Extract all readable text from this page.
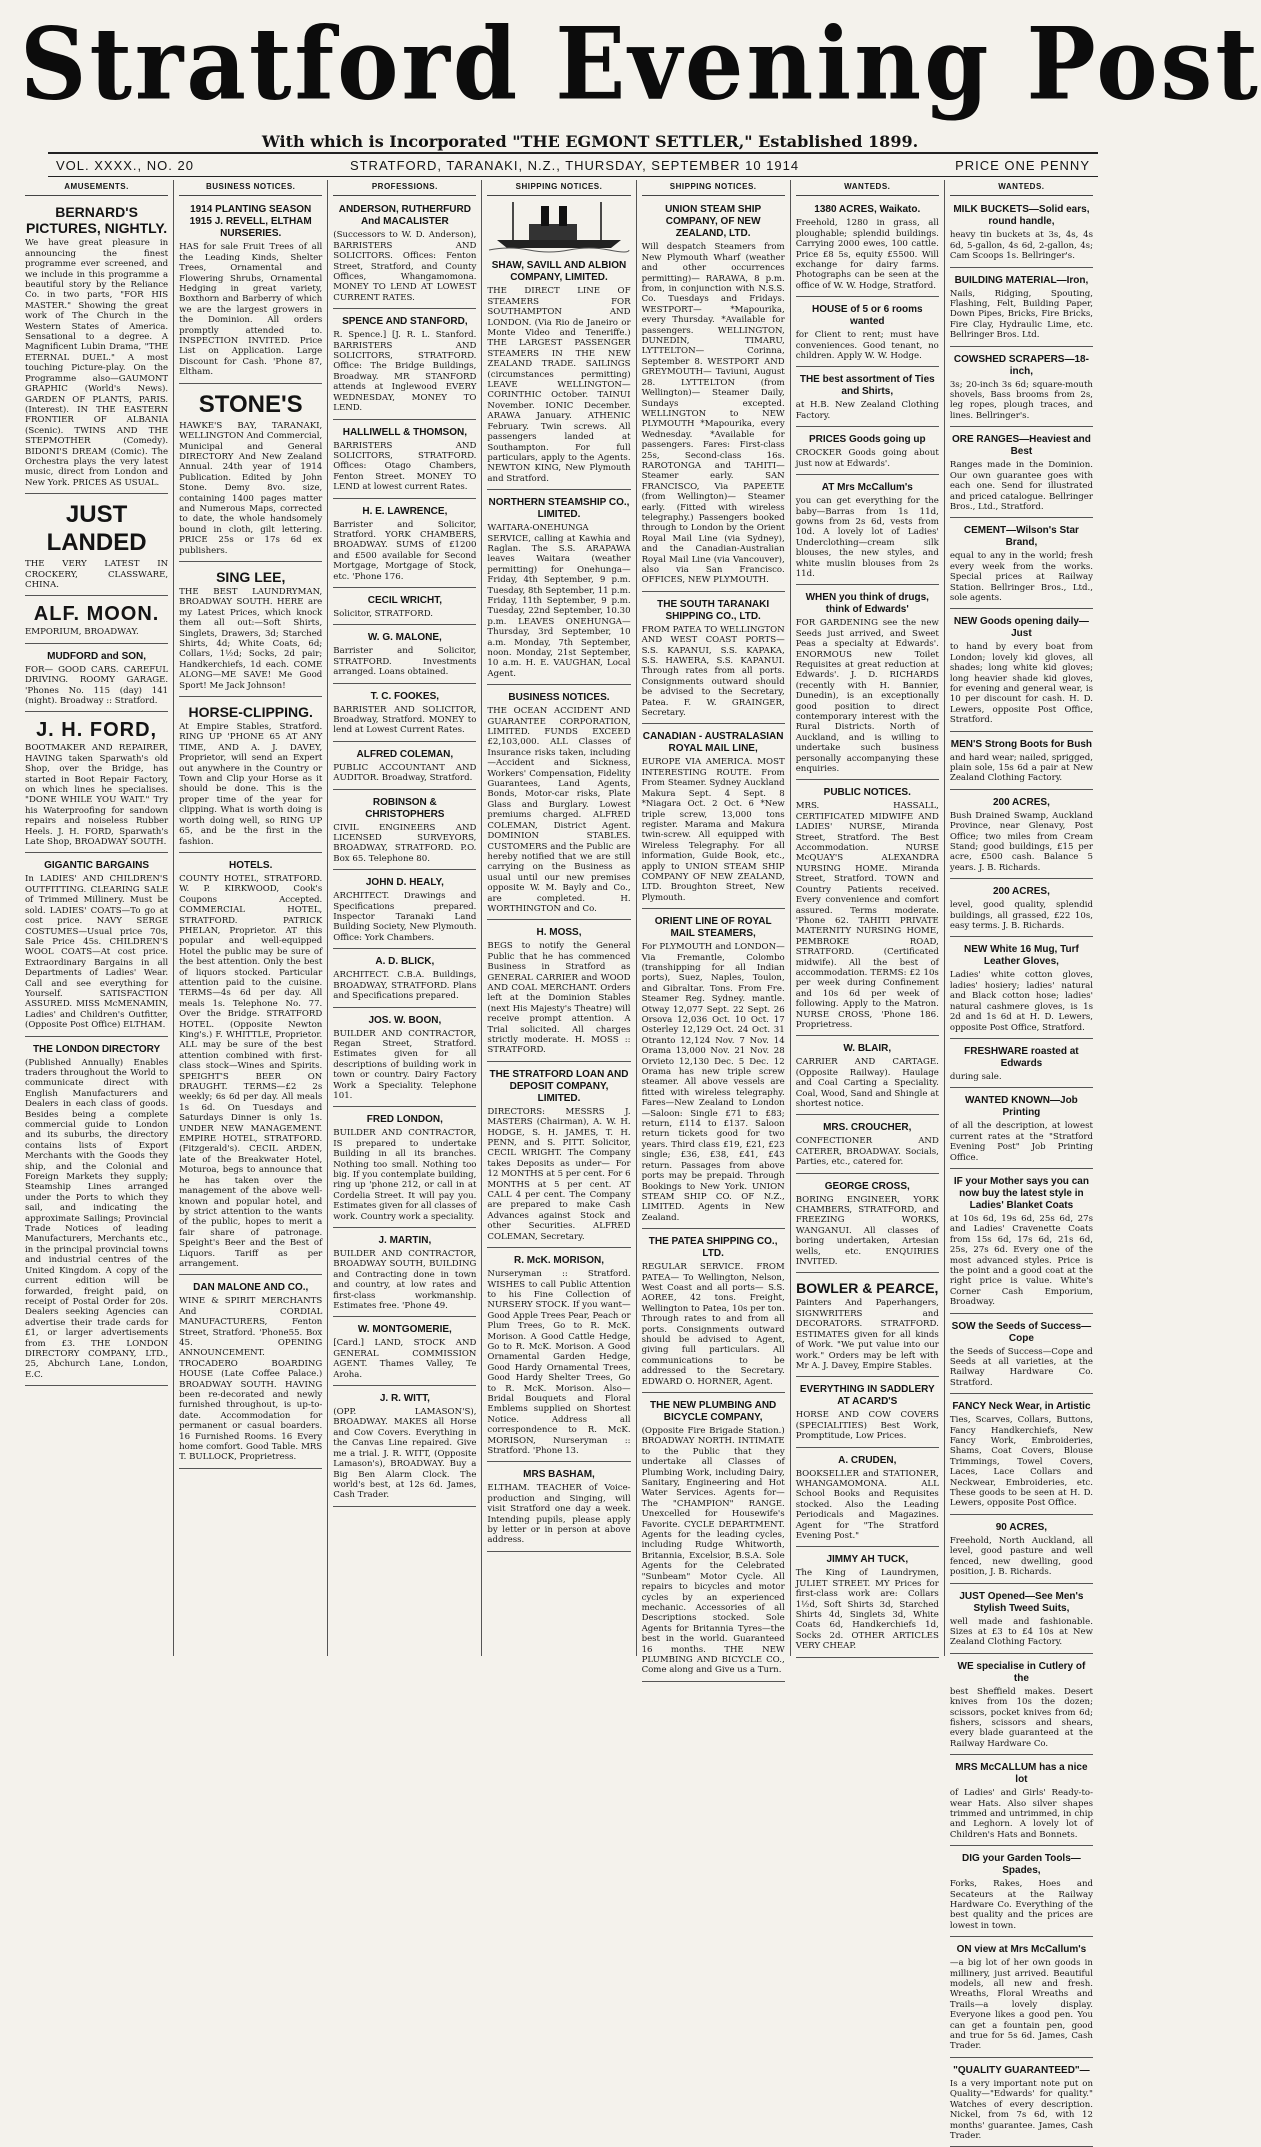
Stratford Evening Post
With which is Incorporated "THE EGMONT SETTLER," Established 1899.
VOL. XXXX., NO. 20	STRATFORD, TARANAKI, N.Z., THURSDAY, SEPTEMBER 10 1914	PRICE ONE PENNY
AMUSEMENTS.
BERNARD'S PICTURES, NIGHTLY.
We have great pleasure in announcing the finest programme ever screened, and we include in this programme a beautiful story by the Reliance Co. in two parts, "FOR HIS MASTER." Showing the great work of The Church in the Western States of America. Sensational to a degree. A Magnificent Lubin Drama, "THE ETERNAL DUEL." A most touching Picture-play. On the Programme also—GAUMONT GRAPHIC (World's News). GARDEN OF PLANTS, PARIS. (Interest). IN THE EASTERN FRONTIER OF ALBANIA (Scenic). TWINS AND THE STEPMOTHER (Comedy). BIDONI'S DREAM (Comic). The Orchestra plays the very latest music, direct from London and New York. PRICES AS USUAL.
JUST LANDED
THE VERY LATEST IN CROCKERY, CLASSWARE, CHINA.
ALF. MOON.
EMPORIUM, BROADWAY.
MUDFORD and SON,
FOR— GOOD CARS. CAREFUL DRIVING. ROOMY GARAGE. 'Phones No. 115 (day) 141 (night). Broadway :: Stratford.
J. H. FORD,
BOOTMAKER AND REPAIRER, HAVING taken Sparwath's old Shop, over the Bridge, has started in Boot Repair Factory, on which lines he specialises. "DONE WHILE YOU WAIT." Try his Waterproofing for sandown repairs and noiseless Rubber Heels. J. H. FORD, Sparwath's Late Shop, BROADWAY SOUTH.
GIGANTIC BARGAINS
In LADIES' AND CHILDREN'S OUTFITTING. CLEARING SALE of Trimmed Millinery. Must be sold. LADIES' COATS—To go at cost price. NAVY SERGE COSTUMES—Usual price 70s, Sale Price 45s. CHILDREN'S WOOL COATS—At cost price. Extraordinary Bargains in all Departments of Ladies' Wear. Call and see everything for Yourself. SATISFACTION ASSURED. MISS McMENAMIN, Ladies' and Children's Outfitter, (Opposite Post Office) ELTHAM.
THE LONDON DIRECTORY
(Published Annually) Enables traders throughout the World to communicate direct with English Manufacturers and Dealers in each class of goods. Besides being a complete commercial guide to London and its suburbs, the directory contains lists of Export Merchants with the Goods they ship, and the Colonial and Foreign Markets they supply; Steamship Lines arranged under the Ports to which they sail, and indicating the approximate Sailings; Provincial Trade Notices of leading Manufacturers, Merchants etc., in the principal provincial towns and industrial centres of the United Kingdom. A copy of the current edition will be forwarded, freight paid, on receipt of Postal Order for 20s. Dealers seeking Agencies can advertise their trade cards for £1, or larger advertisements from £3. THE LONDON DIRECTORY COMPANY, LTD., 25, Abchurch Lane, London, E.C.
BUSINESS NOTICES.
1914 PLANTING SEASON 1915 J. REVELL, ELTHAM NURSERIES.
HAS for sale Fruit Trees of all the Leading Kinds, Shelter Trees, Ornamental and Flowering Shrubs, Ornamental Hedging in great variety, Boxthorn and Barberry of which we are the largest growers in the Dominion. All orders promptly attended to. INSPECTION INVITED. Price List on Application. Large Discount for Cash. 'Phone 87, Eltham.
STONE'S
HAWKE'S BAY, TARANAKI, WELLINGTON And Commercial, Municipal and General DIRECTORY And New Zealand Annual. 24th year of 1914 Publication. Edited by John Stone. Demy 8vo. size, containing 1400 pages matter and Numerous Maps, corrected to date, the whole handsomely bound in cloth, gilt lettering. PRICE 25s or 17s 6d ex publishers.
SING LEE,
THE BEST LAUNDRYMAN, BROADWAY SOUTH. HERE are my Latest Prices, which knock them all out:—Soft Shirts, Singlets, Drawers, 3d; Starched Shirts, 4d; White Coats, 6d; Collars, 1½d; Socks, 2d pair; Handkerchiefs, 1d each. COME ALONG—ME SAVE! Me Good Sport! Me Jack Johnson!
HORSE-CLIPPING.
At Empire Stables, Stratford. RING UP 'PHONE 65 AT ANY TIME, AND A. J. DAVEY, Proprietor, will send an Expert out anywhere in the Country or Town and Clip your Horse as it should be done. This is the proper time of the year for clipping. What is worth doing is worth doing well, so RING UP 65, and be the first in the fashion.
HOTELS.
COUNTY HOTEL, STRATFORD. W. P. KIRKWOOD, Cook's Coupons Accepted. COMMERCIAL HOTEL, STRATFORD. PATRICK PHELAN, Proprietor. AT this popular and well-equipped Hotel the public may be sure of the best attention. Only the best of liquors stocked. Particular attention paid to the cuisine. TERMS—4s 6d per day. All meals 1s. Telephone No. 77. Over the Bridge. STRATFORD HOTEL. (Opposite Newton King's.) F. WHITTLE, Proprietor. ALL may be sure of the best attention combined with first-class stock—Wines and Spirits. SPEIGHT'S BEER ON DRAUGHT. TERMS—£2 2s weekly; 6s 6d per day. All meals 1s 6d. On Tuesdays and Saturdays Dinner is only 1s. UNDER NEW MANAGEMENT. EMPIRE HOTEL, STRATFORD. (Fitzgerald's). CECIL ARDEN, late of the Breakwater Hotel, Moturoa, begs to announce that he has taken over the management of the above well-known and popular hotel, and by strict attention to the wants of the public, hopes to merit a fair share of patronage. Speight's Beer and the Best of Liquors. Tariff as per arrangement.
DAN MALONE AND CO.,
WINE & SPIRIT MERCHANTS And CORDIAL MANUFACTURERS, Fenton Street, Stratford. 'Phone55. Box 45. OPENING ANNOUNCEMENT. TROCADERO BOARDING HOUSE (Late Coffee Palace.) BROADWAY SOUTH. HAVING been re-decorated and newly furnished throughout, is up-to-date. Accommodation for permanent or casual boarders. 16 Furnished Rooms. 16 Every home comfort. Good Table. MRS T. BULLOCK, Proprietress.
PROFESSIONS.
ANDERSON, RUTHERFURD And MACALISTER
(Successors to W. D. Anderson), BARRISTERS AND SOLICITORS. Offices: Fenton Street, Stratford, and County Offices, Whangamomona. MONEY TO LEND AT LOWEST CURRENT RATES.
SPENCE AND STANFORD,
R. Spence.] [J. R. L. Stanford. BARRISTERS AND SOLICITORS, STRATFORD. Office: The Bridge Buildings, Broadway. MR STANFORD attends at Inglewood EVERY WEDNESDAY, MONEY TO LEND.
HALLIWELL & THOMSON,
BARRISTERS AND SOLICITORS, STRATFORD. Offices: Otago Chambers, Fenton Street. MONEY TO LEND at lowest current Rates.
H. E. LAWRENCE,
Barrister and Solicitor, Stratford. YORK CHAMBERS, BROADWAY. SUMS of £1200 and £500 available for Second Mortgage, Mortgage of Stock, etc. 'Phone 176.
CECIL WRICHT,
Solicitor, STRATFORD.
W. G. MALONE,
Barrister and Solicitor, STRATFORD. Investments arranged. Loans obtained.
T. C. FOOKES,
BARRISTER AND SOLICITOR, Broadway, Stratford. MONEY to lend at Lowest Current Rates.
ALFRED COLEMAN,
PUBLIC ACCOUNTANT AND AUDITOR. Broadway, Stratford.
ROBINSON & CHRISTOPHERS
CIVIL ENGINEERS AND LICENSED SURVEYORS, BROADWAY, STRATFORD. P.O. Box 65. Telephone 80.
JOHN D. HEALY,
ARCHITECT. Drawings and Specifications prepared. Inspector Taranaki Land Building Society, New Plymouth. Office: York Chambers.
A. D. BLICK,
ARCHITECT. C.B.A. Buildings, BROADWAY, STRATFORD. Plans and Specifications prepared.
JOS. W. BOON,
BUILDER AND CONTRACTOR, Regan Street, Stratford. Estimates given for all descriptions of building work in town or country. Dairy Factory Work a Speciality. Telephone 101.
FRED LONDON,
BUILDER AND CONTRACTOR, IS prepared to undertake Building in all its branches. Nothing too small. Nothing too big. If you contemplate building, ring up 'phone 212, or call in at Cordelia Street. It will pay you. Estimates given for all classes of work. Country work a speciality.
J. MARTIN,
BUILDER AND CONTRACTOR, BROADWAY SOUTH, BUILDING and Contracting done in town and country, at low rates and first-class workmanship. Estimates free. 'Phone 49.
W. MONTGOMERIE,
[Card.] LAND, STOCK AND GENERAL COMMISSION AGENT. Thames Valley, Te Aroha.
J. R. WITT,
(OPP. LAMASON'S), BROADWAY. MAKES all Horse and Cow Covers. Everything in the Canvas Line repaired. Give me a trial. J. R. WITT, (Opposite Lamason's), BROADWAY. Buy a Big Ben Alarm Clock. The world's best, at 12s 6d. James, Cash Trader.
SHIPPING NOTICES.
SHAW, SAVILL AND ALBION COMPANY, LIMITED.
THE DIRECT LINE OF STEAMERS FOR SOUTHAMPTON AND LONDON. (Via Rio de Janeiro or Monte Video and Teneriffe.) THE LARGEST PASSENGER STEAMERS IN THE NEW ZEALAND TRADE. SAILINGS (circumstances permitting) LEAVE WELLINGTON— CORINTHIC October. TAINUI November. IONIC December. ARAWA January. ATHENIC February. Twin screws. All passengers landed at Southampton. For full particulars, apply to the Agents. NEWTON KING, New Plymouth and Stratford.
NORTHERN STEAMSHIP CO., LIMITED.
WAITARA-ONEHUNGA SERVICE, calling at Kawhia and Raglan. The S.S. ARAPAWA leaves Waitara (weather permitting) for Onehunga— Friday, 4th September, 9 p.m. Tuesday, 8th September, 11 p.m. Friday, 11th September, 9 p.m. Tuesday, 22nd September, 10.30 p.m. LEAVES ONEHUNGA— Thursday, 3rd September, 10 a.m. Monday, 7th September, noon. Monday, 21st September, 10 a.m. H. E. VAUGHAN, Local Agent.
BUSINESS NOTICES.
THE OCEAN ACCIDENT AND GUARANTEE CORPORATION, LIMITED. FUNDS EXCEED £2,103,000. ALL Classes of Insurance risks taken, including—Accident and Sickness, Workers' Compensation, Fidelity Guarantees, Land Agents, Bonds, Motor-car risks, Plate Glass and Burglary. Lowest premiums charged. ALFRED COLEMAN, District Agent. DOMINION STABLES. CUSTOMERS and the Public are hereby notified that we are still carrying on the Business as usual until our new premises opposite W. M. Bayly and Co., are completed. H. WORTHINGTON and Co.
H. MOSS,
BEGS to notify the General Public that he has commenced Business in Stratford as GENERAL CARRIER and WOOD AND COAL MERCHANT. Orders left at the Dominion Stables (next His Majesty's Theatre) will receive prompt attention. A Trial solicited. All charges strictly moderate. H. MOSS :: STRATFORD.
THE STRATFORD LOAN AND DEPOSIT COMPANY, LIMITED.
DIRECTORS: MESSRS J. MASTERS (Chairman), A. W. H. HODGE, S. H. JAMES, T. H. PENN, and S. PITT. Solicitor, CECIL WRIGHT. The Company takes Deposits as under— For 12 MONTHS at 5 per cent. For 6 MONTHS at 5 per cent. AT CALL 4 per cent. The Company are prepared to make Cash Advances against Stock and other Securities. ALFRED COLEMAN, Secretary.
R. McK. MORISON,
Nurseryman :: Stratford. WISHES to call Public Attention to his Fine Collection of NURSERY STOCK. If you want— Good Apple Trees Pear, Peach or Plum Trees, Go to R. McK. Morison. A Good Cattle Hedge, Go to R. McK. Morison. A Good Ornamental Garden Hedge, Good Hardy Ornamental Trees, Good Hardy Shelter Trees, Go to R. McK. Morison. Also— Bridal Bouquets and Floral Emblems supplied on Shortest Notice. Address all correspondence to R. McK. MORISON, Nurseryman :: Stratford. 'Phone 13.
MRS BASHAM,
ELTHAM. TEACHER of Voice-production and Singing, will visit Stratford one day a week. Intending pupils, please apply by letter or in person at above address.
SHIPPING NOTICES.
UNION STEAM SHIP COMPANY, OF NEW ZEALAND, LTD.
Will despatch Steamers from New Plymouth Wharf (weather and other occurrences permitting)— RARAWA, 8 p.m. from, in conjunction with N.S.S. Co. Tuesdays and Fridays. WESTPORT— *Mapourika, every Thursday. *Available for passengers. WELLINGTON, DUNEDIN, TIMARU, LYTTELTON— Corinna, September 8. WESTPORT AND GREYMOUTH— Taviuni, August 28. LYTTELTON (from Wellington)— Steamer Daily, Sundays excepted. WELLINGTON to NEW PLYMOUTH *Mapourika, every Wednesday. *Available for passengers. Fares: First-class 25s, Second-class 16s. RAROTONGA and TAHITI— Steamer early. SAN FRANCISCO, Via PAPEETE (from Wellington)— Steamer early. (Fitted with wireless telegraphy.) Passengers booked through to London by the Orient Royal Mail Line (via Sydney), and the Canadian-Australian Royal Mail Line (via Vancouver), also via San Francisco. OFFICES, NEW PLYMOUTH.
THE SOUTH TARANAKI SHIPPING CO., LTD.
FROM PATEA TO WELLINGTON AND WEST COAST PORTS— S.S. KAPANUI, S.S. KAPAKA, S.S. HAWERA, S.S. KAPANUI. Through rates from all ports. Consignments outward should be advised to the Secretary, Patea. F. W. GRAINGER, Secretary.
CANADIAN - AUSTRALASIAN ROYAL MAIL LINE,
EUROPE VIA AMERICA. MOST INTERESTING ROUTE. From From Steamer. Sydney Auckland Makura Sept. 4 Sept. 8 *Niagara Oct. 2 Oct. 6 *New triple screw, 13,000 tons register. Marama and Makura twin-screw. All equipped with Wireless Telegraphy. For all information, Guide Book, etc., apply to UNION STEAM SHIP COMPANY OF NEW ZEALAND, LTD. Broughton Street, New Plymouth.
ORIENT LINE OF ROYAL MAIL STEAMERS,
For PLYMOUTH and LONDON—Via Fremantle, Colombo (transhipping for all Indian ports), Suez, Naples, Toulon, and Gibraltar. Tons. From Fre. Steamer Reg. Sydney. mantle. Otway 12,077 Sept. 22 Sept. 26 Orsova 12,036 Oct. 10 Oct. 17 Osterley 12,129 Oct. 24 Oct. 31 Otranto 12,124 Nov. 7 Nov. 14 Orama 13,000 Nov. 21 Nov. 28 Orvieto 12,130 Dec. 5 Dec. 12 Orama has new triple screw steamer. All above vessels are fitted with wireless telegraphy. Fares—New Zealand to London—Saloon: Single £71 to £83; return, £114 to £137. Saloon return tickets good for two years. Third class £19, £21, £23 single; £36, £38, £41, £43 return. Passages from above ports may be prepaid. Through Bookings to New York. UNION STEAM SHIP CO. OF N.Z., LIMITED. Agents in New Zealand.
THE PATEA SHIPPING CO., LTD.
REGULAR SERVICE. FROM PATEA— To Wellington, Nelson, West Coast and all ports— S.S. AOREE, 42 tons. Freight, Wellington to Patea, 10s per ton. Through rates to and from all ports. Consignments outward should be advised to Agent, giving full particulars. All communications to be addressed to the Secretary. EDWARD O. HORNER, Agent.
THE NEW PLUMBING AND BICYCLE COMPANY,
(Opposite Fire Brigade Station.) BROADWAY NORTH. INTIMATE to the Public that they undertake all Classes of Plumbing Work, including Dairy, Sanitary, Engineering and Hot Water Services. Agents for— The "CHAMPION" RANGE. Unexcelled for Housewife's Favorite. CYCLE DEPARTMENT. Agents for the leading cycles, including Rudge Whitworth, Britannia, Excelsior, B.S.A. Sole Agents for the Celebrated "Sunbeam" Motor Cycle. All repairs to bicycles and motor cycles by an experienced mechanic. Accessories of all Descriptions stocked. Sole Agents for Britannia Tyres—the best in the world. Guaranteed 16 months. THE NEW PLUMBING AND BICYCLE CO., Come along and Give us a Turn.
WANTEDS.
1380 ACRES, Waikato.
Freehold, 1280 in grass, all ploughable; splendid buildings. Carrying 2000 ewes, 100 cattle. Price £8 5s, equity £5500. Will exchange for dairy farms. Photographs can be seen at the office of W. W. Hodge, Stratford.
HOUSE of 5 or 6 rooms wanted
for Client to rent; must have conveniences. Good tenant, no children. Apply W. W. Hodge.
THE best assortment of Ties and Shirts,
at H.B. New Zealand Clothing Factory.
PRICES Goods going up
CROCKER Goods going about just now at Edwards'.
AT Mrs McCallum's
you can get everything for the baby—Barras from 1s 11d, gowns from 2s 6d, vests from 10d. A lovely lot of Ladies' Underclothing—cream silk blouses, the new styles, and white muslin blouses from 2s 11d.
WHEN you think of drugs, think of Edwards'
FOR GARDENING see the new Seeds just arrived, and Sweet Peas a specialty at Edwards'. ENORMOUS new Toilet Requisites at great reduction at Edwards'. J. D. RICHARDS (recently with H. Bannier, Dunedin), is an exceptionally good position to direct contemporary interest with the Rural Districts. North of Auckland, and is willing to undertake such business personally accompanying these enquiries.
PUBLIC NOTICES.
MRS. HASSALL, CERTIFICATED MIDWIFE AND LADIES' NURSE, Miranda Street, Stratford. The Best Accommodation. NURSE McQUAY'S ALEXANDRA NURSING HOME. Miranda Street, Stratford. TOWN and Country Patients received. Every convenience and comfort assured. Terms moderate. 'Phone 62. TAHITI PRIVATE MATERNITY NURSING HOME, PEMBROKE ROAD, STRATFORD. (Certificated midwife). All the best of accommodation. TERMS: £2 10s per week during Confinement and 10s 6d per week of following. Apply to the Matron. NURSE CROSS, 'Phone 186. Proprietress.
W. BLAIR,
CARRIER AND CARTAGE. (Opposite Railway). Haulage and Coal Carting a Speciality. Coal, Wood, Sand and Shingle at shortest notice.
MRS. CROUCHER,
CONFECTIONER AND CATERER, BROADWAY. Socials, Parties, etc., catered for.
GEORGE CROSS,
BORING ENGINEER, YORK CHAMBERS, STRATFORD, and FREEZING WORKS, WANGANUI. All classes of boring undertaken, Artesian wells, etc. ENQUIRIES INVITED.
BOWLER & PEARCE,
Painters And Paperhangers, SIGNWRITERS and DECORATORS. STRATFORD. ESTIMATES given for all kinds of Work. "We put value into our work." Orders may be left with Mr A. J. Davey, Empire Stables.
EVERYTHING IN SADDLERY AT ACARD'S
HORSE AND COW COVERS (SPECIALITIES) Best Work, Promptitude, Low Prices.
A. CRUDEN,
BOOKSELLER and STATIONER, WHANGAMOMONA. ALL School Books and Requisites stocked. Also the Leading Periodicals and Magazines. Agent for "The Stratford Evening Post."
JIMMY AH TUCK,
The King of Laundrymen, JULIET STREET. MY Prices for first-class work are: Collars 1½d, Soft Shirts 3d, Starched Shirts 4d, Singlets 3d, White Coats 6d, Handkerchiefs 1d, Socks 2d. OTHER ARTICLES VERY CHEAP.
WANTEDS.
MILK BUCKETS—Solid ears, round handle,
heavy tin buckets at 3s, 4s, 4s 6d, 5-gallon, 4s 6d, 2-gallon, 4s; Cam Scoops 1s. Bellringer's.
BUILDING MATERIAL—Iron,
Nails, Ridging, Spouting, Flashing, Felt, Building Paper, Down Pipes, Bricks, Fire Bricks, Fire Clay, Hydraulic Lime, etc. Bellringer Bros. Ltd.
COWSHED SCRAPERS—18-inch,
3s; 20-inch 3s 6d; square-mouth shovels, Bass brooms from 2s, leg ropes, plough traces, and lines. Bellringer's.
ORE RANGES—Heaviest and Best
Ranges made in the Dominion. Our own guarantee goes with each one. Send for illustrated and priced catalogue. Bellringer Bros., Ltd., Stratford.
CEMENT—Wilson's Star Brand,
equal to any in the world; fresh every week from the works. Special prices at Railway Station. Bellringer Bros., Ltd., sole agents.
NEW Goods opening daily—Just
to hand by every boat from London; lovely kid gloves, all shades; long white kid gloves; long heavier shade kid gloves, for evening and general wear, is 10 per discount for cash. H. D. Lewers, opposite Post Office, Stratford.
MEN'S Strong Boots for Bush
and hard wear; nailed, sprigged, plain sole, 15s 6d a pair at New Zealand Clothing Factory.
200 ACRES,
Bush Drained Swamp, Auckland Province, near Glenavy, Post Office; two miles from Cream Stand; good buildings, £15 per acre, £500 cash. Balance 5 years. J. B. Richards.
200 ACRES,
level, good quality, splendid buildings, all grassed, £22 10s, easy terms. J. B. Richards.
NEW White 16 Mug, Turf Leather Gloves,
Ladies' white cotton gloves, ladies' hosiery; ladies' natural and Black cotton hose; ladies' natural cashmere gloves, is 1s 2d and 1s 6d at H. D. Lewers, opposite Post Office, Stratford.
FRESHWARE roasted at Edwards
during sale.
WANTED KNOWN—Job Printing
of all the description, at lowest current rates at the "Stratford Evening Post" Job Printing Office.
IF your Mother says you can now buy the latest style in Ladies' Blanket Coats
at 10s 6d, 19s 6d, 25s 6d, 27s and Ladies' Cravenette Coats from 15s 6d, 17s 6d, 21s 6d, 25s, 27s 6d. Every one of the most advanced styles. Price is the point and a good coat at the right price is value. White's Corner Cash Emporium, Broadway.
SOW the Seeds of Success—Cope
the Seeds of Success—Cope and Seeds at all varieties, at the Railway Hardware Co. Stratford.
FANCY Neck Wear, in Artistic
Ties, Scarves, Collars, Buttons, Fancy Handkerchiefs, New Fancy Work, Embroideries, Shams, Coat Covers, Blouse Trimmings, Towel Covers, Laces, Lace Collars and Neckwear, Embroideries, etc. These goods to be seen at H. D. Lewers, opposite Post Office.
90 ACRES,
Freehold, North Auckland, all level, good pasture and well fenced, new dwelling, good position, J. B. Richards.
JUST Opened—See Men's Stylish Tweed Suits,
well made and fashionable. Sizes at £3 to £4 10s at New Zealand Clothing Factory.
WE specialise in Cutlery of the
best Sheffield makes. Desert knives from 10s the dozen; scissors, pocket knives from 6d; fishers, scissors and shears, every blade guaranteed at the Railway Hardware Co.
MRS McCALLUM has a nice lot
of Ladies' and Girls' Ready-to-wear Hats. Also silver shapes trimmed and untrimmed, in chip and Leghorn. A lovely lot of Children's Hats and Bonnets.
DIG your Garden Tools—Spades,
Forks, Rakes, Hoes and Secateurs at the Railway Hardware Co. Everything of the best quality and the prices are lowest in town.
ON view at Mrs McCallum's
—a big lot of her own goods in millinery, just arrived. Beautiful models, all new and fresh. Wreaths, Floral Wreaths and Trails—a lovely display. Everyone likes a good pen. You can get a fountain pen, good and true for 5s 6d. James, Cash Trader.
"QUALITY GUARANTEED"—
Is a very important note put on Quality—"Edwards' for quality." Watches of every description. Nickel, from 7s 6d, with 12 months' guarantee. James, Cash Trader.
